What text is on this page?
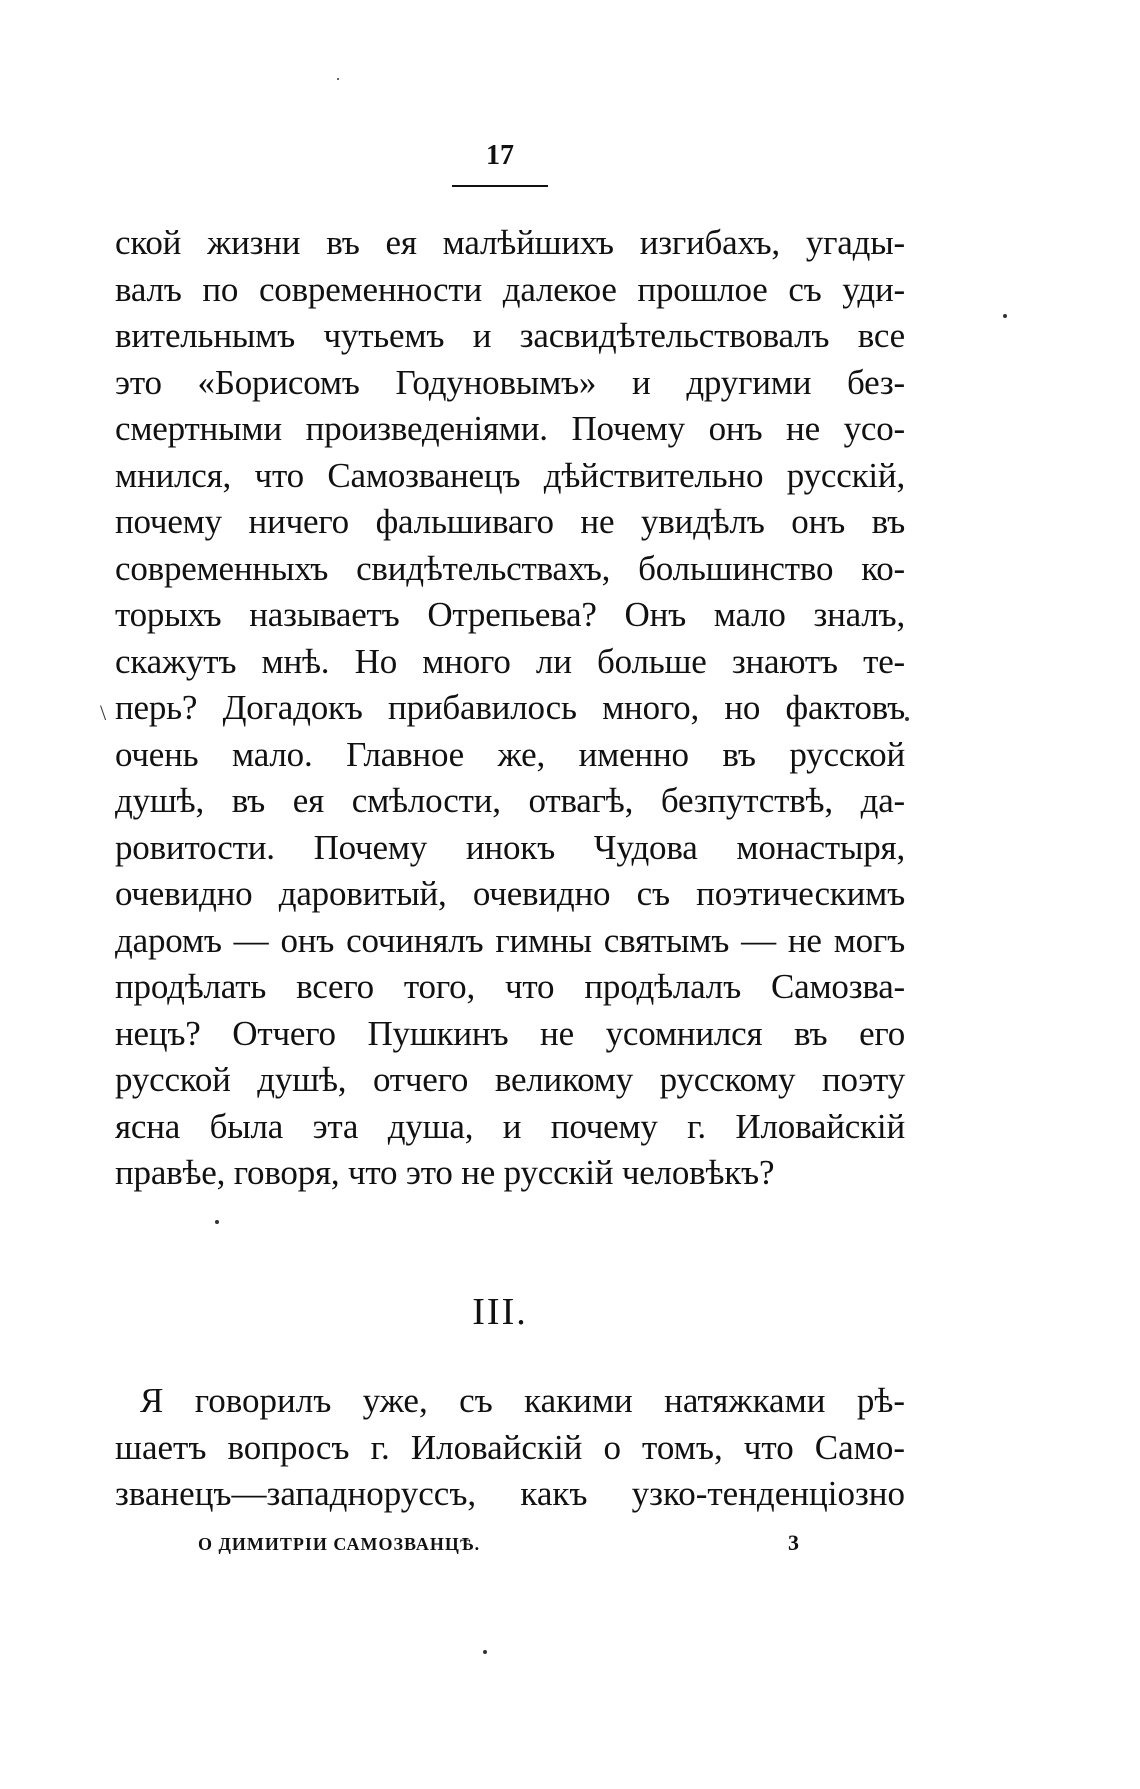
17
ской жизни въ ея малѣйшихъ изгибахъ, угады-
валъ по современности далекое прошлое съ уди-
вительнымъ чутьемъ и засвидѣтельствовалъ все
это «Борисомъ Годуновымъ» и другими без-
смертными произведеніями. Почему онъ не усо-
мнился, что Самозванецъ дѣйствительно русскій,
почему ничего фальшиваго не увидѣлъ онъ въ
современныхъ свидѣтельствахъ, большинство ко-
торыхъ называетъ Отрепьева? Онъ мало зналъ,
скажутъ мнѣ. Но много ли больше знаютъ те-
перь? Догадокъ прибавилось много, но фактовъ
очень мало. Главное же, именно въ русской
душѣ, въ ея смѣлости, отвагѣ, безпутствѣ, да-
ровитости. Почему инокъ Чудова монастыря,
очевидно даровитый, очевидно съ поэтическимъ
даромъ — онъ сочинялъ гимны святымъ — не могъ
продѣлать всего того, что продѣлалъ Самозва-
нецъ? Отчего Пушкинъ не усомнился въ его
русской душѣ, отчего великому русскому поэту
ясна была эта душа, и почему г. Иловайскій
правѣе, говоря, что это не русскій человѣкъ?
III.
Я говорилъ уже, съ какими натяжками рѣ-
шаетъ вопросъ г. Иловайскій о томъ, что Само-
званецъ—западноруссъ, какъ узко-тенденціозно
О ДИМИТРІИ САМОЗВАНЦѢ.	3
\
